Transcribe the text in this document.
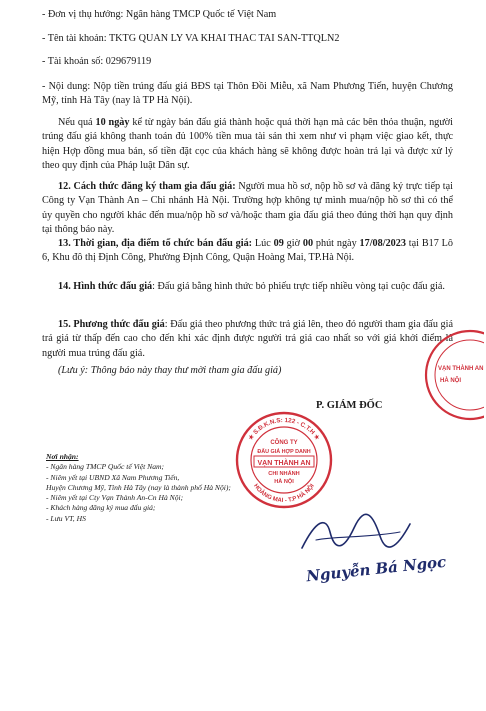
- Đơn vị thụ hưởng: Ngân hàng TMCP Quốc tế Việt Nam

- Tên tài khoản: TKTG QUAN LY VA KHAI THAC TAI SAN-TTQLN2

- Tài khoản số: 029679119

- Nội dung: Nộp tiền trúng đấu giá BĐS tại Thôn Đồi Miễu, xã Nam Phương Tiến, huyện Chương Mỹ, tỉnh Hà Tây (nay là TP Hà Nội).

Nếu quá 10 ngày kể từ ngày bán đấu giá thành hoặc quá thời hạn mà các bên thỏa thuận, người trúng đấu giá không thanh toán đủ 100% tiền mua tài sản thì xem như vi phạm việc giao kết, thực hiện Hợp đồng mua bán, số tiền đặt cọc của khách hàng sẽ không được hoàn trả lại và được xử lý theo quy định của Pháp luật Dân sự.

12. Cách thức đăng ký tham gia đấu giá: Người mua hồ sơ, nộp hồ sơ và đăng ký trực tiếp tại Công ty Vạn Thành An – Chi nhánh Hà Nội. Trường hợp không tự mình mua/nộp hồ sơ thì có thể ủy quyền cho người khác đến mua/nộp hồ sơ và/hoặc tham gia đấu giá theo đúng thời hạn quy định tại thông báo này.

13. Thời gian, địa điểm tổ chức bán đấu giá: Lúc 09 giờ 00 phút ngày 17/08/2023 tại B17 Lô 6, Khu đô thị Định Công, Phường Định Công, Quận Hoàng Mai, TP.Hà Nội.

14. Hình thức đấu giá: Đấu giá bằng hình thức bỏ phiếu trực tiếp nhiều vòng tại cuộc đấu giá.

15. Phương thức đấu giá: Đấu giá theo phương thức trả giá lên, theo đó người tham gia đấu giá trả giá từ thấp đến cao cho đến khi xác định được người trả giá cao nhất so với giá khởi điểm là người mua trúng đấu giá.

(Lưu ý: Thông báo này thay thư mời tham gia đấu giá)

P. GIÁM ĐỐC

Nơi nhận:

- Ngân hàng TMCP Quốc tế Việt Nam;

- Niêm yết tại UBND Xã Nam Phương Tiến,

Huyện Chương Mỹ, Tỉnh Hà Tây (nay là thành phố Hà Nội);

- Niêm yết tại Cty Vạn Thành An-Cn Hà Nội;

- Khách hàng đăng ký mua đấu giá;

- Lưu VT, HS

VẠN THÀNH AN
HÀ NỘI
★ S.Đ.K.N.S: 122 - C.T.H ★
HOÀNG MAI - T.P HÀ NỘI
CÔNG TY
ĐẤU GIÁ HỢP DANH
VẠN THÀNH AN
CHI NHÁNH
HÀ NỘI

Nguyễn Bá Ngọc
